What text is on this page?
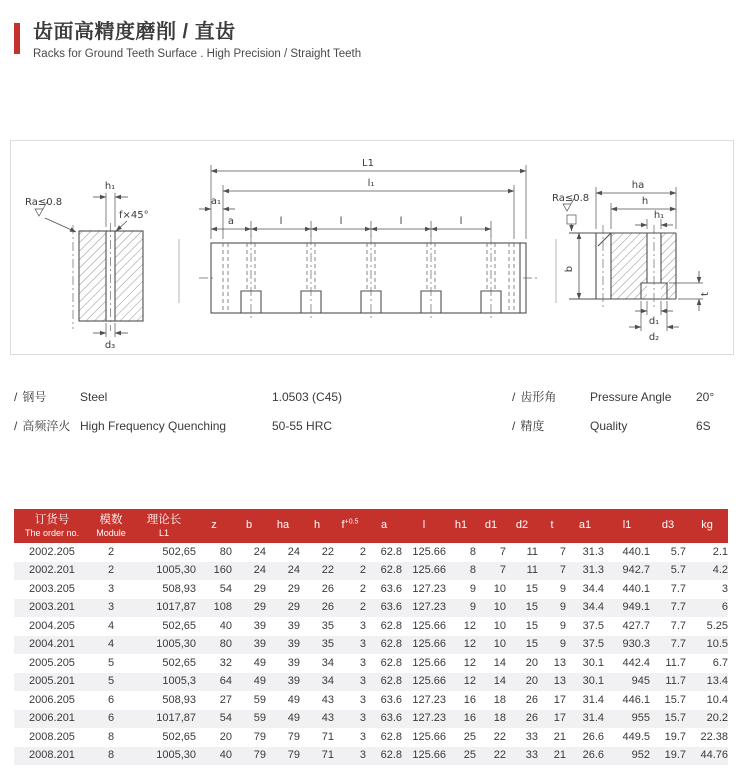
齿面高精度磨削 / 直齿
Racks for Ground Teeth Surface . High Precision / Straight Teeth
h₁
Ra≤0.8
f×45°
d₃
L1
l₁
a₁
a	l	l	l	l
ha
h
h₁
Ra≤0.8
b
t
d₁
d₂
/ 钢号	Steel	1.0503 (C45)
/ 高频淬火 High Frequency Quenching	50-55 HRC
/ 齿形角	Pressure Angle	20°
/ 精度	Quality	6S
订货号
The order no.

模数
Module

理论长
L1
	z	b	ha	h	$f^{+0.5}$	a	l	h1	d1	d2	t	a1	l1	d3	kg
2002.205	2	502,65	80	24	24	22	2	62.8	125.66	8	7	11	7	31.3	440.1	5.7	2.1
2002.201	2	1005,30	160	24	24	22	2	62.8	125.66	8	7	11	7	31.3	942.7	5.7	4.2
2003.205	3	508,93	54	29	29	26	2	63.6	127.23	9	10	15	9	34.4	440.1	7.7	3
2003.201	3	1017,87	108	29	29	26	2	63.6	127.23	9	10	15	9	34.4	949.1	7.7	6
2004.205	4	502,65	40	39	39	35	3	62.8	125.66	12	10	15	9	37.5	427.7	7.7	5.25
2004.201	4	1005,30	80	39	39	35	3	62.8	125.66	12	10	15	9	37.5	930.3	7.7	10.5
2005.205	5	502,65	32	49	39	34	3	62.8	125.66	12	14	20	13	30.1	442.4	11.7	6.7
2005.201	5	1005,3	64	49	39	34	3	62.8	125.66	12	14	20	13	30.1	945	11.7	13.4
2006.205	6	508,93	27	59	49	43	3	63.6	127.23	16	18	26	17	31.4	446.1	15.7	10.4
2006.201	6	1017,87	54	59	49	43	3	63.6	127.23	16	18	26	17	31.4	955	15.7	20.2
2008.205	8	502,65	20	79	79	71	3	62.8	125.66	25	22	33	21	26.6	449.5	19.7	22.38
2008.201	8	1005,30	40	79	79	71	3	62.8	125.66	25	22	33	21	26.6	952	19.7	44.76
